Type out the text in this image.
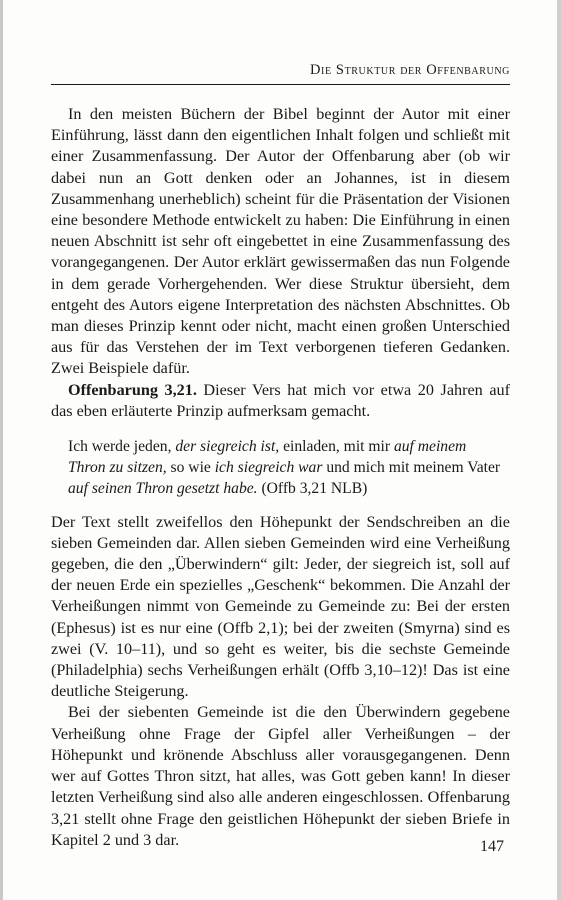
Die Struktur der Offenbarung

In den meisten Büchern der Bibel beginnt der Autor mit einer Einführung, lässt dann den eigentlichen Inhalt folgen und schließt mit einer Zusammenfassung. Der Autor der Offenbarung aber (ob wir dabei nun an Gott denken oder an Johannes, ist in diesem Zusammenhang unerheblich) scheint für die Präsentation der Visionen eine besondere Methode entwickelt zu haben: Die Einführung in einen neuen Abschnitt ist sehr oft eingebettet in eine Zusammenfassung des vorangegangenen. Der Autor erklärt gewissermaßen das nun Folgende in dem gerade Vorhergehenden. Wer diese Struktur übersieht, dem entgeht des Autors eigene Interpretation des nächsten Abschnittes. Ob man dieses Prinzip kennt oder nicht, macht einen großen Unterschied aus für das Verstehen der im Text verborgenen tieferen Gedanken. Zwei Beispiele dafür.

Offenbarung 3,21. Dieser Vers hat mich vor etwa 20 Jahren auf das eben erläuterte Prinzip aufmerksam gemacht.

Ich werde jeden, der siegreich ist, einladen, mit mir auf meinem Thron zu sitzen, so wie ich siegreich war und mich mit meinem Vater auf seinen Thron gesetzt habe. (Offb 3,21 NLB)

Der Text stellt zweifellos den Höhepunkt der Sendschreiben an die sieben Gemeinden dar. Allen sieben Gemeinden wird eine Verheißung gegeben, die den „Überwindern“ gilt: Jeder, der siegreich ist, soll auf der neuen Erde ein spezielles „Geschenk“ bekommen. Die Anzahl der Verheißungen nimmt von Gemeinde zu Gemeinde zu: Bei der ersten (Ephesus) ist es nur eine (Offb 2,1); bei der zweiten (Smyrna) sind es zwei (V. 10–11), und so geht es weiter, bis die sechste Gemeinde (Philadelphia) sechs Verheißungen erhält (Offb 3,10–12)! Das ist eine deutliche Steigerung.

Bei der siebenten Gemeinde ist die den Überwindern gegebene Verheißung ohne Frage der Gipfel aller Verheißungen – der Höhepunkt und krönende Abschluss aller vorausgegangenen. Denn wer auf Gottes Thron sitzt, hat alles, was Gott geben kann! In dieser letzten Verheißung sind also alle anderen eingeschlossen. Offenbarung 3,21 stellt ohne Frage den geistlichen Höhepunkt der sieben Briefe in Kapitel 2 und 3 dar.	147
